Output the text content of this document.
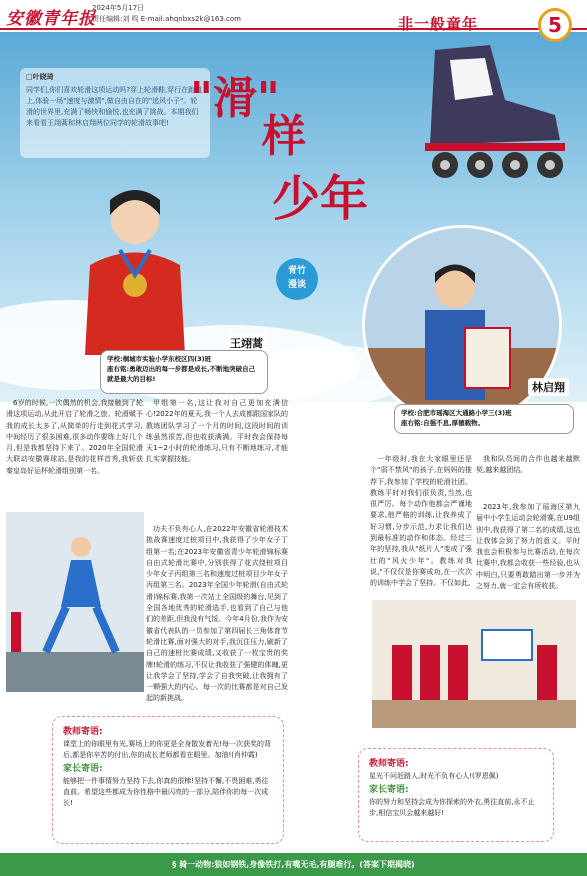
安徽青年报
2024年5月17日
责任编辑:刘 鸣 E-mail:ahqnbxs2k@163.com	非一般童年	5
□叶晓琦
同学们,你们喜欢轮滑这项运动吗?穿上轮滑鞋,穿行在跑道上,体验一场"速度与激情",做自由自在的"追风小子"。轮滑的世界里,充满了畅快和愉悦,也充满了挑战。本期我们来看看王翊蒿和林启翔两位同学的轮滑故事吧! "滑"
样
少年
青竹
漫谈
王翊蒿
学校:桐城市实验小学东校区四(3)班
座右铭:勇敢迈出的每一步都是成长,不断地突破自己就是最大的目标!
林启翔
学校:合肥市瑶海区大通路小学三(3)班
座右铭:自强不息,厚德载物。
6岁的时候,一次偶然的机会,我接触到了轮滑这项运动,从此开启了轮滑之旅。轮滑赋予我的成长太多了,从简单的行走到花式学习,中间经历了很多困难,很多动作要练上好几个月,但是我都坚持下来了。2020年全国轮滑大联动安徽赛球站,是我的花样首秀,我斩获秦皇岛好运杯轮滑组别第一名。
甲组第一名,这让我对自己更加充满信心!2022年的夏天,我一个人去成都跟国家队的教练团队学习了一个月的时间,这段时间的训练虽然很苦,但也收获满满。平时我会保持每天1~2小时的轮滑练习,只有不断地练习,才能扎实掌握技能。
功夫不负有心人,在2022年安徽省轮滑技术挑战赛速度过桩项目中,我获得了少年女子丁组第一名;在2023年安徽省青少年轮滑锦标赛自由式轮滑比赛中,分别获得了花式绕桩项目少年女子丙组第三名和速度过桩项目少年女子丙组第三名。2023年全国少年轮滑(自由式轮滑)锦标赛,我第一次站上全国级的舞台,见到了全国各地优秀的轮滑选手,也看到了自己与他们的差距,但我没有气馁。今年4月份,我作为安徽省代表队的一员参加了第四届长三角体育节轮滑比赛,面对强大的对手,我沉住压力,刷新了自己的速桩比赛成绩,又收获了一枚宝贵的奖牌!轮滑的练习,不仅让我收获了强健的体魄,更让我学会了坚持,学会了自我突破,让我拥有了一颗强大的内心。每一次的比赛都是对自己发起的新挑战。
一年级时,我在大家眼里还是个"弱不禁风"的孩子,在妈妈的推荐下,我参加了学校的轮滑社团。教练平时对我们很负责,当然,也很严厉。每个动作他都会严谨地要求,他严格的训练,让我养成了好习惯,分步示范,力求让我们达到最标准的动作和体态。经过三年的坚持,我从"纸片人"变成了强壮的"风火少年"。教练对我说,"不仅仅是你赛成功,在一次次的训练中学会了坚持。不仅如此,
我和队员间的合作也越来越默契,越来越团结。
2023年,我参加了瑶海区第九届中小学生运动会轮滑赛,在U9组别中,我获得了第二名的成绩,这也让我体会到了努力的意义。平时我也会积极参与比赛活动,在每次比赛中,我都会收获一些经验,也从中明白,只要勇敢踏出第一步并为之努力,就一定会有所收获。
教师寄语:
课堂上的你眼里有光,赛场上的你更是全身散发着光!每一次获奖的背后,都是你辛苦的付出,你的成长老师都看在眼里。加油!(肖仲霞)
家长寄语:
能够把一件事情努力坚持下去,你真的很棒!坚持不懈,不畏困难,勇往直前。希望这些都成为你性格中最闪亮的一部分,陪伴你的每一次成长!
教师寄语:
星光不问赶路人,时光不负有心人!(罗恩佩)
家长寄语:
你的努力和坚持会成为你探索的外衣,勇往直前,永不止步,相信宝贝会越来越好!
§ 骑一动物:狼如钢铁,身像铁打,有嘴无毛,有腿难行。(答案下期揭晓)
